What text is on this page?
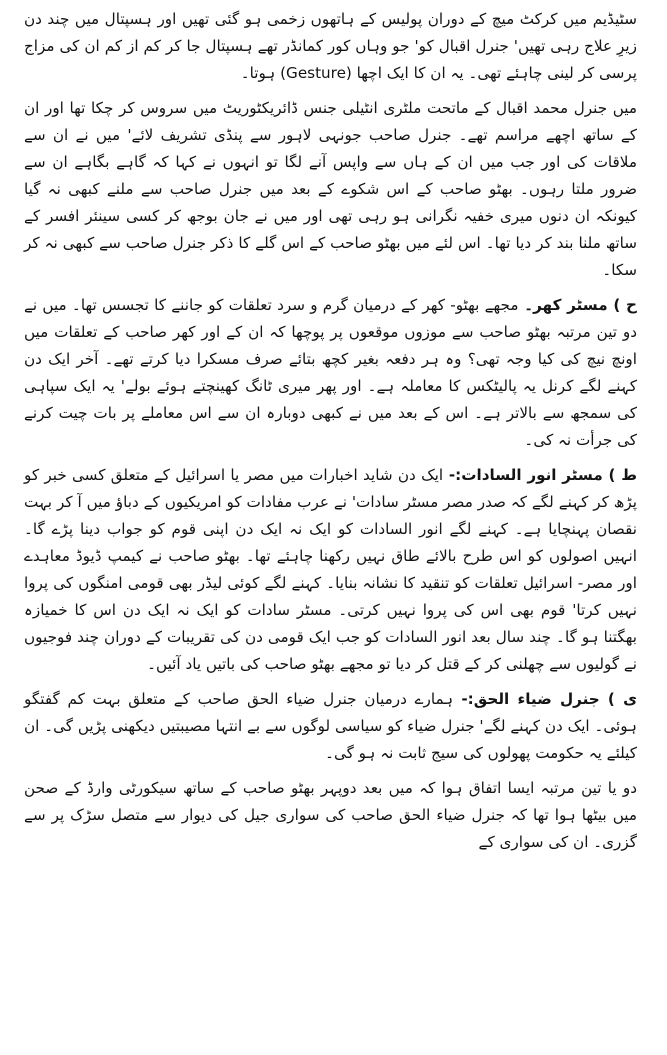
سٹیڈیم میں کرکٹ میچ کے دوران پولیس کے ہاتھوں زخمی ہو گئی تھیں اور ہسپتال میں چند دن زیرِ علاج رہی تھیں' جنرل اقبال کو' جو وہاں کور کمانڈر تھے ہسپتال جا کر کم از کم ان کی مزاج پرسی کر لینی چاہئے تھی۔ یہ ان کا ایک اچھا (Gesture) ہوتا۔

میں جنرل محمد اقبال کے ماتحت ملٹری انٹیلی جنس ڈائریکٹوریٹ میں سروس کر چکا تھا اور ان کے ساتھ اچھے مراسم تھے۔ جنرل صاحب جونہی لاہور سے پنڈی تشریف لائے' میں نے ان سے ملاقات کی اور جب میں ان کے ہاں سے واپس آنے لگا تو انہوں نے کہا کہ گاہے بگاہے ان سے ضرور ملتا رہوں۔ بھٹو صاحب کے اس شکوے کے بعد میں جنرل صاحب سے ملنے کبھی نہ گیا کیونکہ ان دنوں میری خفیہ نگرانی ہو رہی تھی اور میں نے جان بوجھ کر کسی سینئر افسر کے ساتھ ملنا بند کر دیا تھا۔ اس لئے میں بھٹو صاحب کے اس گلے کا ذکر جنرل صاحب سے کبھی نہ کر سکا۔

ح ) مسٹر کھر۔ مجھے بھٹو- کھر کے درمیان گرم و سرد تعلقات کو جاننے کا تجسس تھا۔ میں نے دو تین مرتبہ بھٹو صاحب سے موزوں موقعوں پر پوچھا کہ ان کے اور کھر صاحب کے تعلقات میں اونچ نیچ کی کیا وجہ تھی؟ وہ ہر دفعہ بغیر کچھ بتائے صرف مسکرا دیا کرتے تھے۔ آخر ایک دن کہنے لگے کرنل یہ پالیٹکس کا معاملہ ہے۔ اور پھر میری ٹانگ کھینچتے ہوئے بولے' یہ ایک سپاہی کی سمجھ سے بالاتر ہے۔ اس کے بعد میں نے کبھی دوبارہ ان سے اس معاملے پر بات چیت کرنے کی جرأت نہ کی۔

ط ) مسٹر انور السادات:- ایک دن شاید اخبارات میں مصر یا اسرائیل کے متعلق کسی خبر کو پڑھ کر کہنے لگے کہ صدر مصر مسٹر سادات' نے عرب مفادات کو امریکیوں کے دباؤ میں آ کر بہت نقصان پہنچایا ہے۔ کہنے لگے انور السادات کو ایک نہ ایک دن اپنی قوم کو جواب دینا پڑے گا۔ انہیں اصولوں کو اس طرح بالائے طاق نہیں رکھنا چاہئے تھا۔ بھٹو صاحب نے کیمپ ڈیوڈ معاہدے اور مصر- اسرائیل تعلقات کو تنقید کا نشانہ بنایا۔ کہنے لگے کوئی لیڈر بھی قومی امنگوں کی پروا نہیں کرتا' قوم بھی اس کی پروا نہیں کرتی۔ مسٹر سادات کو ایک نہ ایک دن اس کا خمیازہ بھگتنا ہو گا۔ چند سال بعد انور السادات کو جب ایک قومی دن کی تقریبات کے دوران چند فوجیوں نے گولیوں سے چھلنی کر کے قتل کر دیا تو مجھے بھٹو صاحب کی باتیں یاد آئیں۔

ی ) جنرل ضیاء الحق:- ہمارے درمیان جنرل ضیاء الحق صاحب کے متعلق بہت کم گفتگو ہوئی۔ ایک دن کہنے لگے' جنرل ضیاء کو سیاسی لوگوں سے بے انتہا مصیبتیں دیکھنی پڑیں گی۔ ان کیلئے یہ حکومت پھولوں کی سیج ثابت نہ ہو گی۔

دو یا تین مرتبہ ایسا اتفاق ہوا کہ میں بعد دوپہر بھٹو صاحب کے ساتھ سیکورٹی وارڈ کے صحن میں بیٹھا ہوا تھا کہ جنرل ضیاء الحق صاحب کی سواری جیل کی دیوار سے متصل سڑک پر سے گزری۔ ان کی سواری کے
